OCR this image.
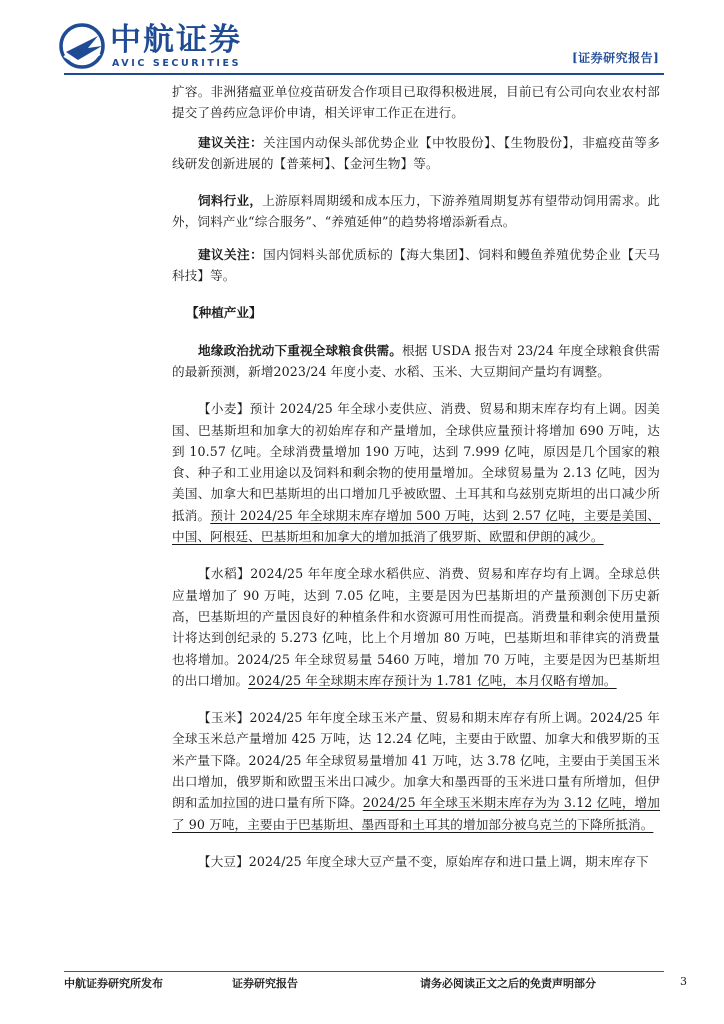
中航证券
AVIC SECURITIES	[证券研究报告]

扩容。非洲猪瘟亚单位疫苗研发合作项目已取得积极进展，目前已有公司向农业农村部提交了兽药应急评价申请，相关评审工作正在进行。

建议关注：关注国内动保头部优势企业【中牧股份】、【生物股份】，非瘟疫苗等多线研发创新进展的【普莱柯】、【金河生物】等。

饲料行业，上游原料周期缓和成本压力，下游养殖周期复苏有望带动饲用需求。此外，饲料产业“综合服务”、“养殖延伸”的趋势将增添新看点。

建议关注：国内饲料头部优质标的【海大集团】、饲料和鳗鱼养殖优势企业【天马科技】等。

【种植产业】

地缘政治扰动下重视全球粮食供需。根据 USDA 报告对 23/24 年度全球粮食供需的最新预测，新增2023/24 年度小麦、水稻、玉米、大豆期间产量均有调整。

【小麦】预计 2024/25 年全球小麦供应、消费、贸易和期末库存均有上调。因美国、巴基斯坦和加拿大的初始库存和产量增加，全球供应量预计将增加 690 万吨，达到 10.57 亿吨。全球消费量增加 190 万吨，达到 7.999 亿吨，原因是几个国家的粮食、种子和工业用途以及饲料和剩余物的使用量增加。全球贸易量为 2.13 亿吨，因为美国、加拿大和巴基斯坦的出口增加几乎被欧盟、土耳其和乌兹别克斯坦的出口减少所抵消。预计 2024/25 年全球期末库存增加 500 万吨，达到 2.57 亿吨，主要是美国、中国、阿根廷、巴基斯坦和加拿大的增加抵消了俄罗斯、欧盟和伊朗的减少。

【水稻】2024/25 年年度全球水稻供应、消费、贸易和库存均有上调。全球总供应量增加了 90 万吨，达到 7.05 亿吨，主要是因为巴基斯坦的产量预测创下历史新高，巴基斯坦的产量因良好的种植条件和水资源可用性而提高。消费量和剩余使用量预计将达到创纪录的 5.273 亿吨，比上个月增加 80 万吨，巴基斯坦和菲律宾的消费量也将增加。2024/25 年全球贸易量 5460 万吨，增加 70 万吨，主要是因为巴基斯坦的出口增加。2024/25 年全球期末库存预计为 1.781 亿吨，本月仅略有增加。

【玉米】2024/25 年年度全球玉米产量、贸易和期末库存有所上调。2024/25 年全球玉米总产量增加 425 万吨，达 12.24 亿吨，主要由于欧盟、加拿大和俄罗斯的玉米产量下降。2024/25 年全球贸易量增加 41 万吨，达 3.78 亿吨，主要由于美国玉米出口增加，俄罗斯和欧盟玉米出口减少。加拿大和墨西哥的玉米进口量有所增加，但伊朗和孟加拉国的进口量有所下降。2024/25 年全球玉米期末库存为为 3.12 亿吨，增加了 90 万吨，主要由于巴基斯坦、墨西哥和土耳其的增加部分被乌克兰的下降所抵消。

【大豆】2024/25 年度全球大豆产量不变，原始库存和进口量上调，期末库存下

中航证券研究所发布	证券研究报告	请务必阅读正文之后的免责声明部分	3
